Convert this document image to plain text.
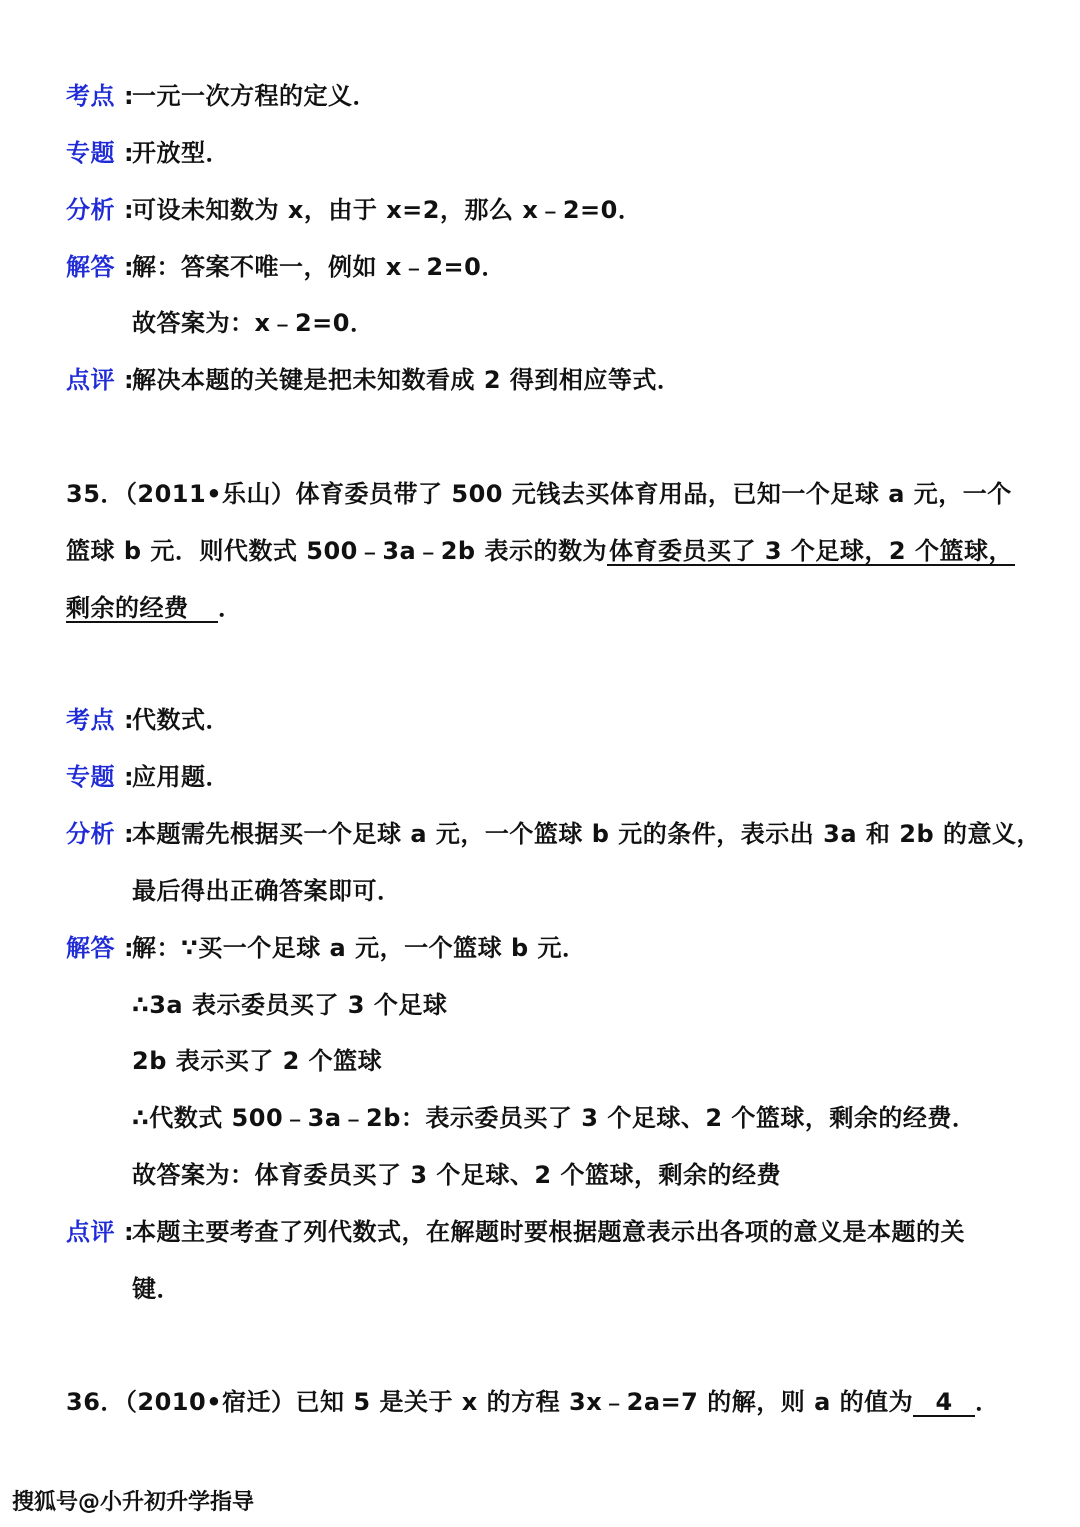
考点 :一元一次方程的定义．
专题 :开放型．
分析 :可设未知数为 x，由于 x=2，那么 x﹣2=0．
解答 :解：答案不唯一，例如 x﹣2=0．
故答案为：x﹣2=0．
点评 :解决本题的关键是把未知数看成 2 得到相应等式．
35．（2011•乐山）体育委员带了 500 元钱去买体育用品，已知一个足球 a 元，一个
篮球 b 元．则代数式 500﹣3a﹣2b 表示的数为体育委员买了 3 个足球，2 个篮球，
剩余的经费 ．
考点 :代数式．
专题 :应用题．
分析 :本题需先根据买一个足球 a 元，一个篮球 b 元的条件，表示出 3a 和 2b 的意义，
最后得出正确答案即可．
解答 :解：∵买一个足球 a 元，一个篮球 b 元．
∴3a 表示委员买了 3 个足球
2b 表示买了 2 个篮球
∴代数式 500﹣3a﹣2b：表示委员买了 3 个足球、2 个篮球，剩余的经费．
故答案为：体育委员买了 3 个足球、2 个篮球，剩余的经费
点评 :本题主要考查了列代数式，在解题时要根据题意表示出各项的意义是本题的关
键．
36．（2010•宿迁）已知 5 是关于 x 的方程 3x﹣2a=7 的解，则 a 的值为 4 ．
搜狐号@小升初升学指导
